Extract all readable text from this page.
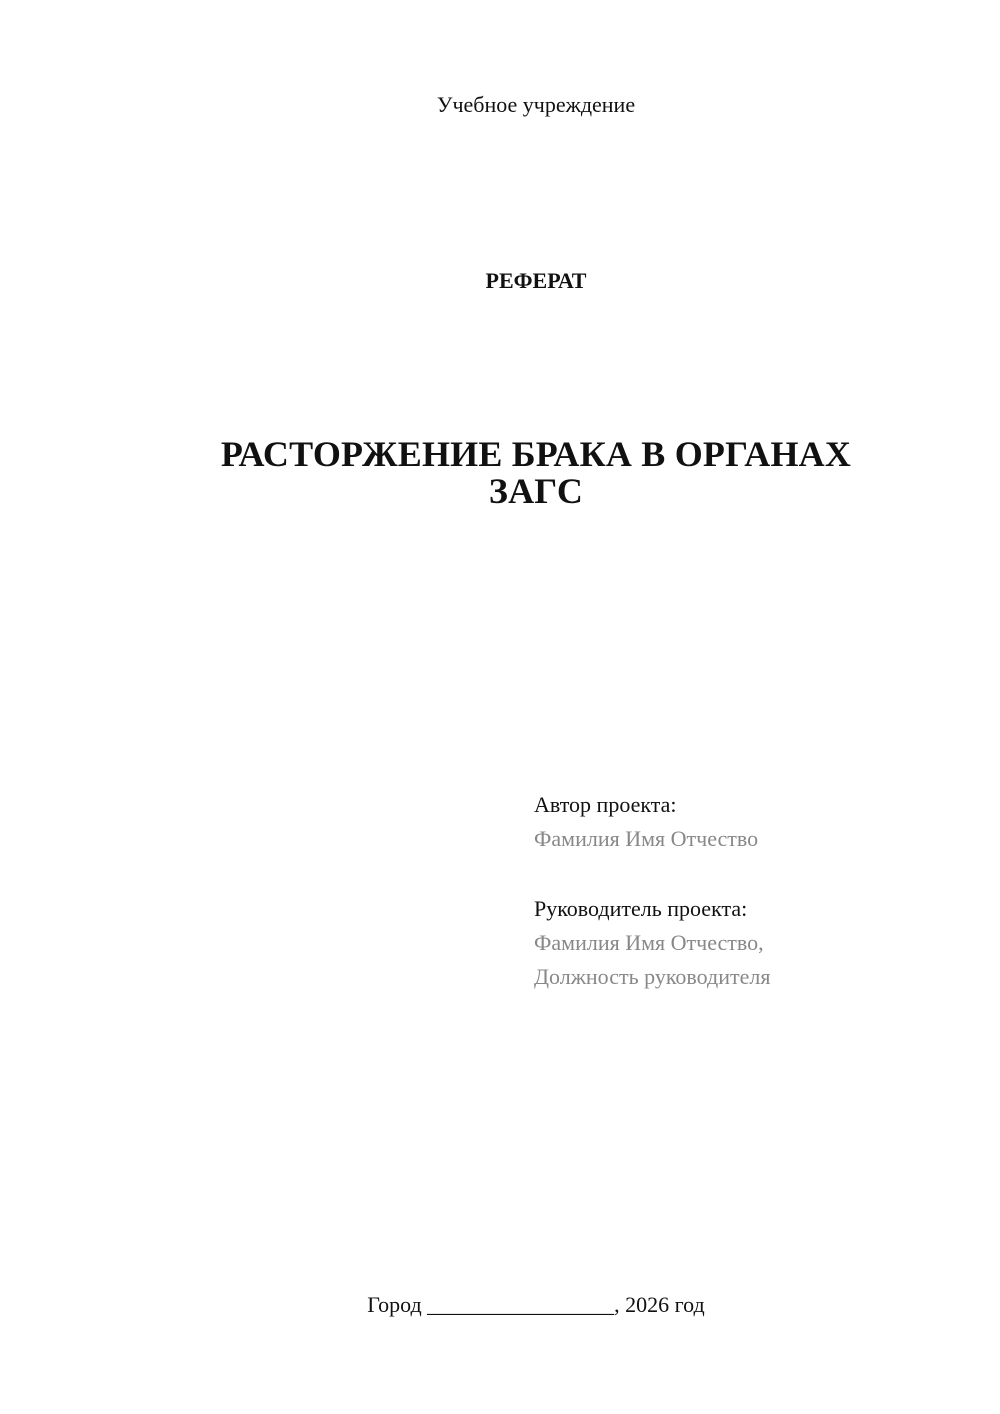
Учебное учреждение
РЕФЕРАТ
РАСТОРЖЕНИЕ БРАКА В ОРГАНАХ
ЗАГС
Автор проекта:
Фамилия Имя Отчество
Руководитель проекта:
Фамилия Имя Отчество,
Должность руководителя
Город _________________, 2026 год
